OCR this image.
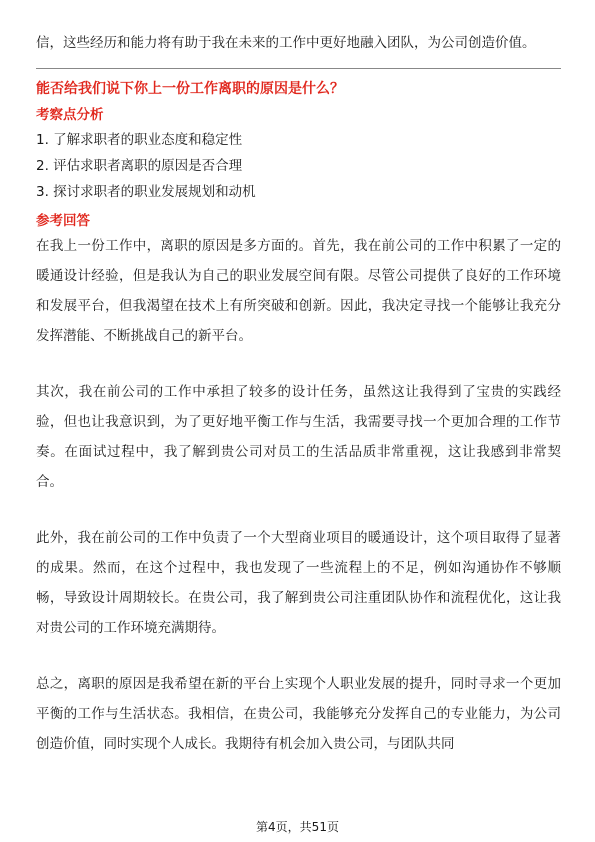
信，这些经历和能力将有助于我在未来的工作中更好地融入团队，为公司创造价值。

能否给我们说下你上一份工作离职的原因是什么？

考察点分析

1. 了解求职者的职业态度和稳定性

2. 评估求职者离职的原因是否合理

3. 探讨求职者的职业发展规划和动机

参考回答

在我上一份工作中，离职的原因是多方面的。首先，我在前公司的工作中积累了一定的暖通设计经验，但是我认为自己的职业发展空间有限。尽管公司提供了良好的工作环境和发展平台，但我渴望在技术上有所突破和创新。因此，我决定寻找一个能够让我充分发挥潜能、不断挑战自己的新平台。

其次，我在前公司的工作中承担了较多的设计任务，虽然这让我得到了宝贵的实践经验，但也让我意识到，为了更好地平衡工作与生活，我需要寻找一个更加合理的工作节奏。在面试过程中，我了解到贵公司对员工的生活品质非常重视，这让我感到非常契合。

此外，我在前公司的工作中负责了一个大型商业项目的暖通设计，这个项目取得了显著的成果。然而，在这个过程中，我也发现了一些流程上的不足，例如沟通协作不够顺畅，导致设计周期较长。在贵公司，我了解到贵公司注重团队协作和流程优化，这让我对贵公司的工作环境充满期待。

总之，离职的原因是我希望在新的平台上实现个人职业发展的提升，同时寻求一个更加平衡的工作与生活状态。我相信，在贵公司，我能够充分发挥自己的专业能力，为公司创造价值，同时实现个人成长。我期待有机会加入贵公司，与团队共同

第4页，共51页
